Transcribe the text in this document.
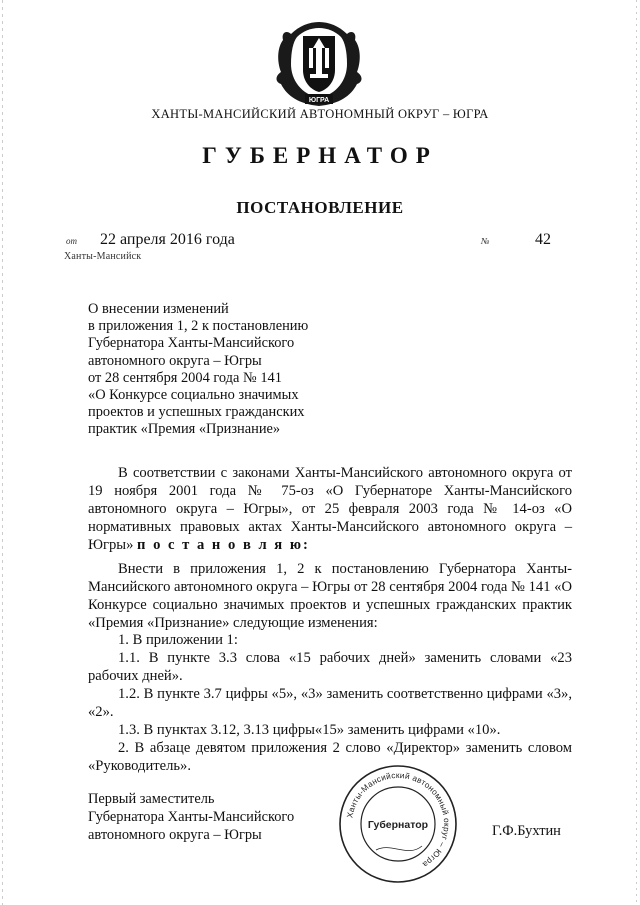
ЮГРА
ХАНТЫ-МАНСИЙСКИЙ АВТОНОМНЫЙ ОКРУГ – ЮГРА
ГУБЕРНАТОР
ПОСТАНОВЛЕНИЕ
от 22 апреля 2016 года	№	42
Ханты-Мансийск
О внесении изменений
в приложения 1, 2 к постановлению
Губернатора Ханты-Мансийского
автономного округа – Югры
от 28 сентября 2004 года № 141
«О Конкурсе социально значимых
проектов и успешных гражданских
практик «Премия «Признание»
В соответствии с законами Ханты-Мансийского автономного округа от 19 ноября 2001 года № 75-оз «О Губернаторе Ханты-Мансийского автономного округа – Югры», от 25 февраля 2003 года № 14-оз «О нормативных правовых актах Ханты-Мансийского автономного округа – Югры» п о с т а н о в л я ю:
Внести в приложения 1, 2 к постановлению Губернатора Ханты-Мансийского автономного округа – Югры от 28 сентября 2004 года № 141 «О Конкурсе социально значимых проектов и успешных гражданских практик «Премия «Признание» следующие изменения:
1. В приложении 1:
1.1. В пункте 3.3 слова «15 рабочих дней» заменить словами «23 рабочих дней».
1.2. В пункте 3.7 цифры «5», «3» заменить соответственно цифрами «3», «2».
1.3. В пунктах 3.12, 3.13 цифры«15» заменить цифрами «10».
2. В абзаце девятом приложения 2 слово «Директор» заменить словом «Руководитель».
Первый заместитель
Губернатора Ханты-Мансийского
автономного округа – Югры	Г.Ф.Бухтин
Ханты-Мансийский автономный округ – Югра
Губернатор
